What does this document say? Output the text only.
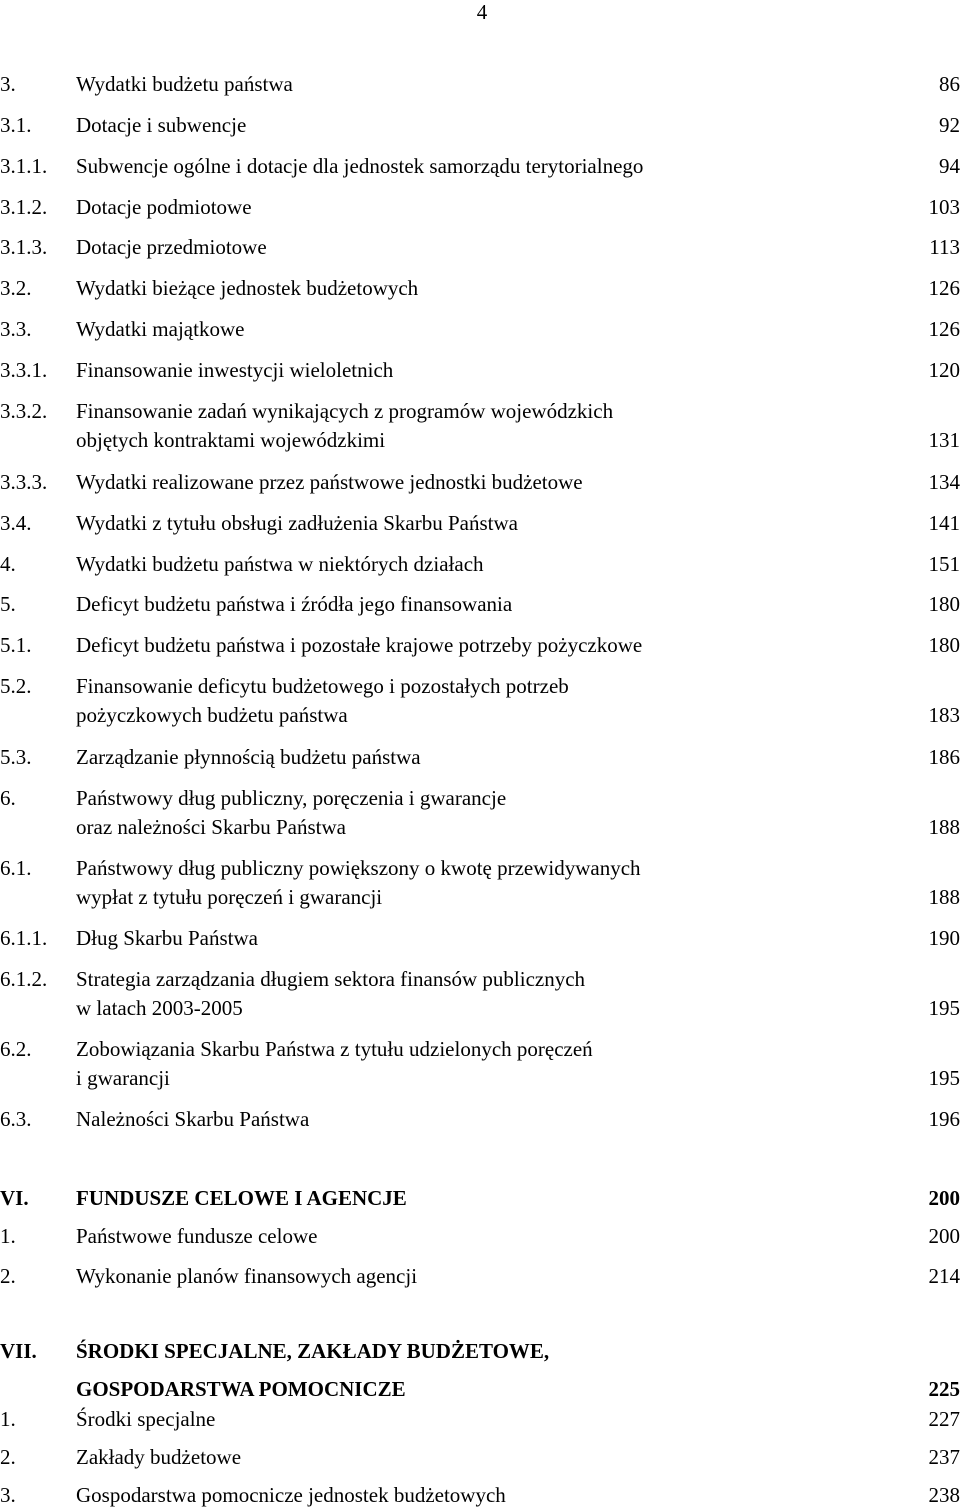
4
3.	Wydatki budżetu państwa	86
3.1. Dotacje i subwencje	92
3.1.1. Subwencje ogólne i dotacje dla jednostek samorządu terytorialnego	94
3.1.2. Dotacje podmiotowe	103
3.1.3. Dotacje przedmiotowe	113
3.2. Wydatki bieżące jednostek budżetowych	126
3.3. Wydatki majątkowe	126
3.3.1. Finansowanie inwestycji wieloletnich	120
3.3.2. Finansowanie zadań wynikających z programów wojewódzkich
objętych kontraktami wojewódzkimi	131
3.3.3. Wydatki realizowane przez państwowe jednostki budżetowe	134
3.4. Wydatki z tytułu obsługi zadłużenia Skarbu Państwa	141
4.	Wydatki budżetu państwa w niektórych działach	151
5.	Deficyt budżetu państwa i źródła jego finansowania	180
5.1. Deficyt budżetu państwa i pozostałe krajowe potrzeby pożyczkowe	180
5.2. Finansowanie deficytu budżetowego i pozostałych potrzeb
pożyczkowych budżetu państwa	183
5.3. Zarządzanie płynnością budżetu państwa	186
6.	Państwowy dług publiczny, poręczenia i gwarancje
oraz należności Skarbu Państwa	188
6.1. Państwowy dług publiczny powiększony o kwotę przewidywanych
wypłat z tytułu poręczeń i gwarancji	188
6.1.1. Dług Skarbu Państwa	190
6.1.2. Strategia zarządzania długiem sektora finansów publicznych
w latach 2003-2005	195
6.2. Zobowiązania Skarbu Państwa z tytułu udzielonych poręczeń
i gwarancji	195
6.3. Należności Skarbu Państwa	196
VI. FUNDUSZE CELOWE I AGENCJE	200
1.	Państwowe fundusze celowe	200
2.	Wykonanie planów finansowych agencji	214
VII. ŚRODKI SPECJALNE, ZAKŁADY BUDŻETOWE,
GOSPODARSTWA POMOCNICZE	225
1.	Środki specjalne	227
2.	Zakłady budżetowe	237
3.	Gospodarstwa pomocnicze jednostek budżetowych	238
